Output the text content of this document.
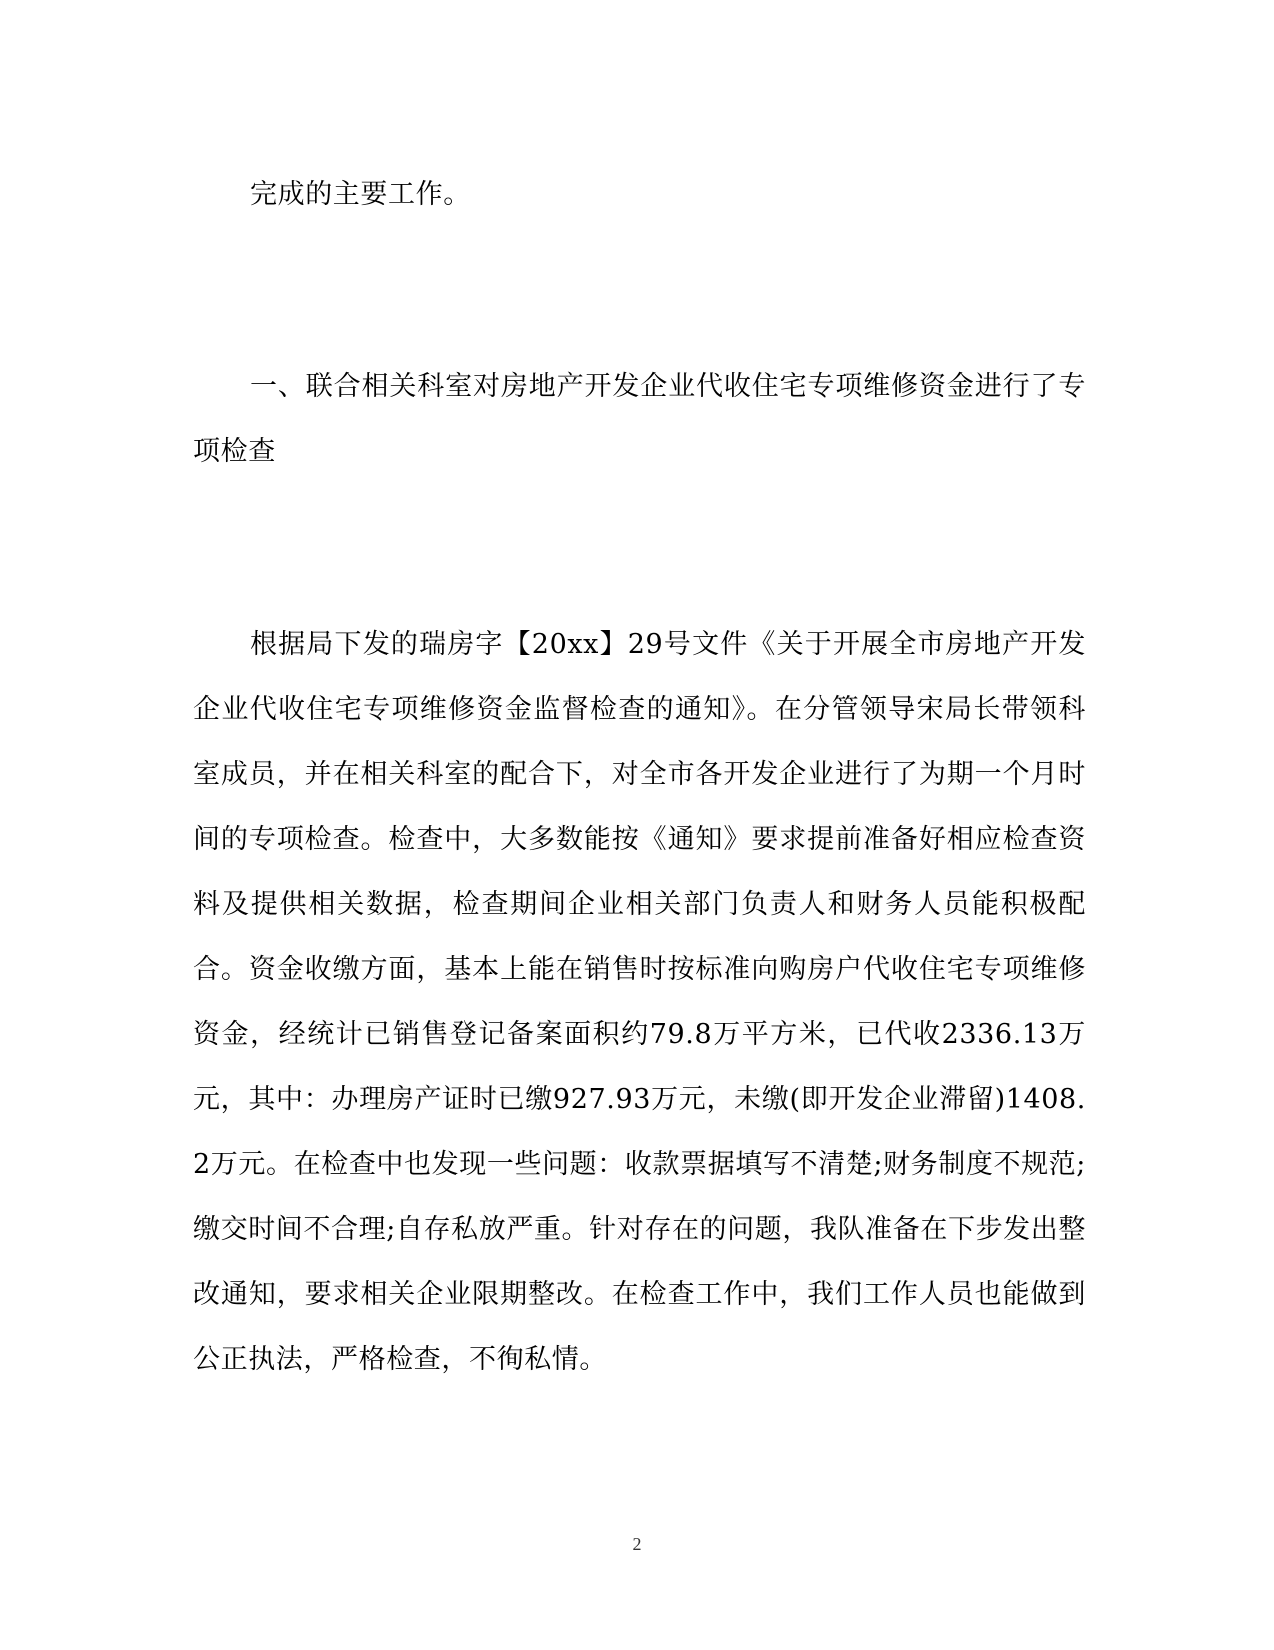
完成的主要工作。

一、联合相关科室对房地产开发企业代收住宅专项维修资金进行了专项检查

根据局下发的瑞房字【20xx】29号文件《关于开展全市房地产开发企业代收住宅专项维修资金监督检查的通知》。在分管领导宋局长带领科室成员，并在相关科室的配合下，对全市各开发企业进行了为期一个月时间的专项检查。检查中，大多数能按《通知》要求提前准备好相应检查资料及提供相关数据，检查期间企业相关部门负责人和财务人员能积极配合。资金收缴方面，基本上能在销售时按标准向购房户代收住宅专项维修资金，经统计已销售登记备案面积约79.8万平方米，已代收2336.13万元，其中：办理房产证时已缴927.93万元，未缴(即开发企业滞留)1408.2万元。在检查中也发现一些问题：收款票据填写不清楚;财务制度不规范;缴交时间不合理;自存私放严重。针对存在的问题，我队准备在下步发出整改通知，要求相关企业限期整改。在检查工作中，我们工作人员也能做到公正执法，严格检查，不徇私情。

2
